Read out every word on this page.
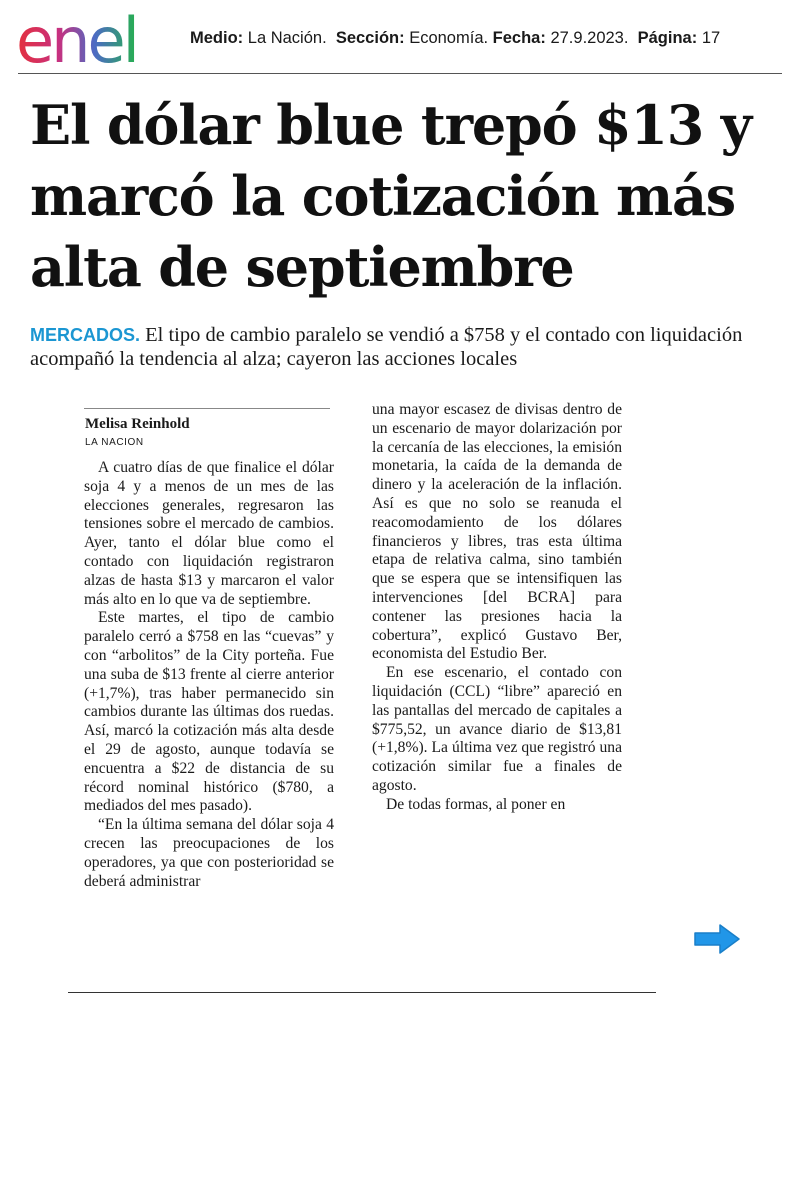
enel	Medio: La Nación. Sección: Economía. Fecha: 27.9.2023. Página: 17
El dólar blue trepó $13 y marcó la cotización más alta de septiembre

MERCADOS. El tipo de cambio paralelo se vendió a $758 y el contado con liquidación acompañó la tendencia al alza; cayeron las acciones locales

Melisa Reinhold
LA NACION

A cuatro días de que finalice el dólar soja 4 y a menos de un mes de las elecciones generales, regresaron las tensiones sobre el mercado de cambios. Ayer, tanto el dólar blue como el contado con liquidación registraron alzas de hasta $13 y marcaron el valor más alto en lo que va de septiembre.

Este martes, el tipo de cambio paralelo cerró a $758 en las “cuevas” y con “arbolitos” de la City porteña. Fue una suba de $13 frente al cierre anterior (+1,7%), tras haber permanecido sin cambios durante las últimas dos ruedas. Así, marcó la cotización más alta desde el 29 de agosto, aunque todavía se encuentra a $22 de distancia de su récord nominal histórico ($780, a mediados del mes pasado).

“En la última semana del dólar soja 4 crecen las preocupaciones de los operadores, ya que con posterioridad se deberá administrar

una mayor escasez de divisas dentro de un escenario de mayor dolarización por la cercanía de las elecciones, la emisión monetaria, la caída de la demanda de dinero y la aceleración de la inflación. Así es que no solo se reanuda el reacomodamiento de los dólares financieros y libres, tras esta última etapa de relativa calma, sino también que se espera que se intensifiquen las intervenciones [del BCRA] para contener las presiones hacia la cobertura”, explicó Gustavo Ber, economista del Estudio Ber.

En ese escenario, el contado con liquidación (CCL) “libre” apareció en las pantallas del mercado de capitales a $775,52, un avance diario de $13,81 (+1,8%). La última vez que registró una cotización similar fue a finales de agosto.

De todas formas, al poner en
